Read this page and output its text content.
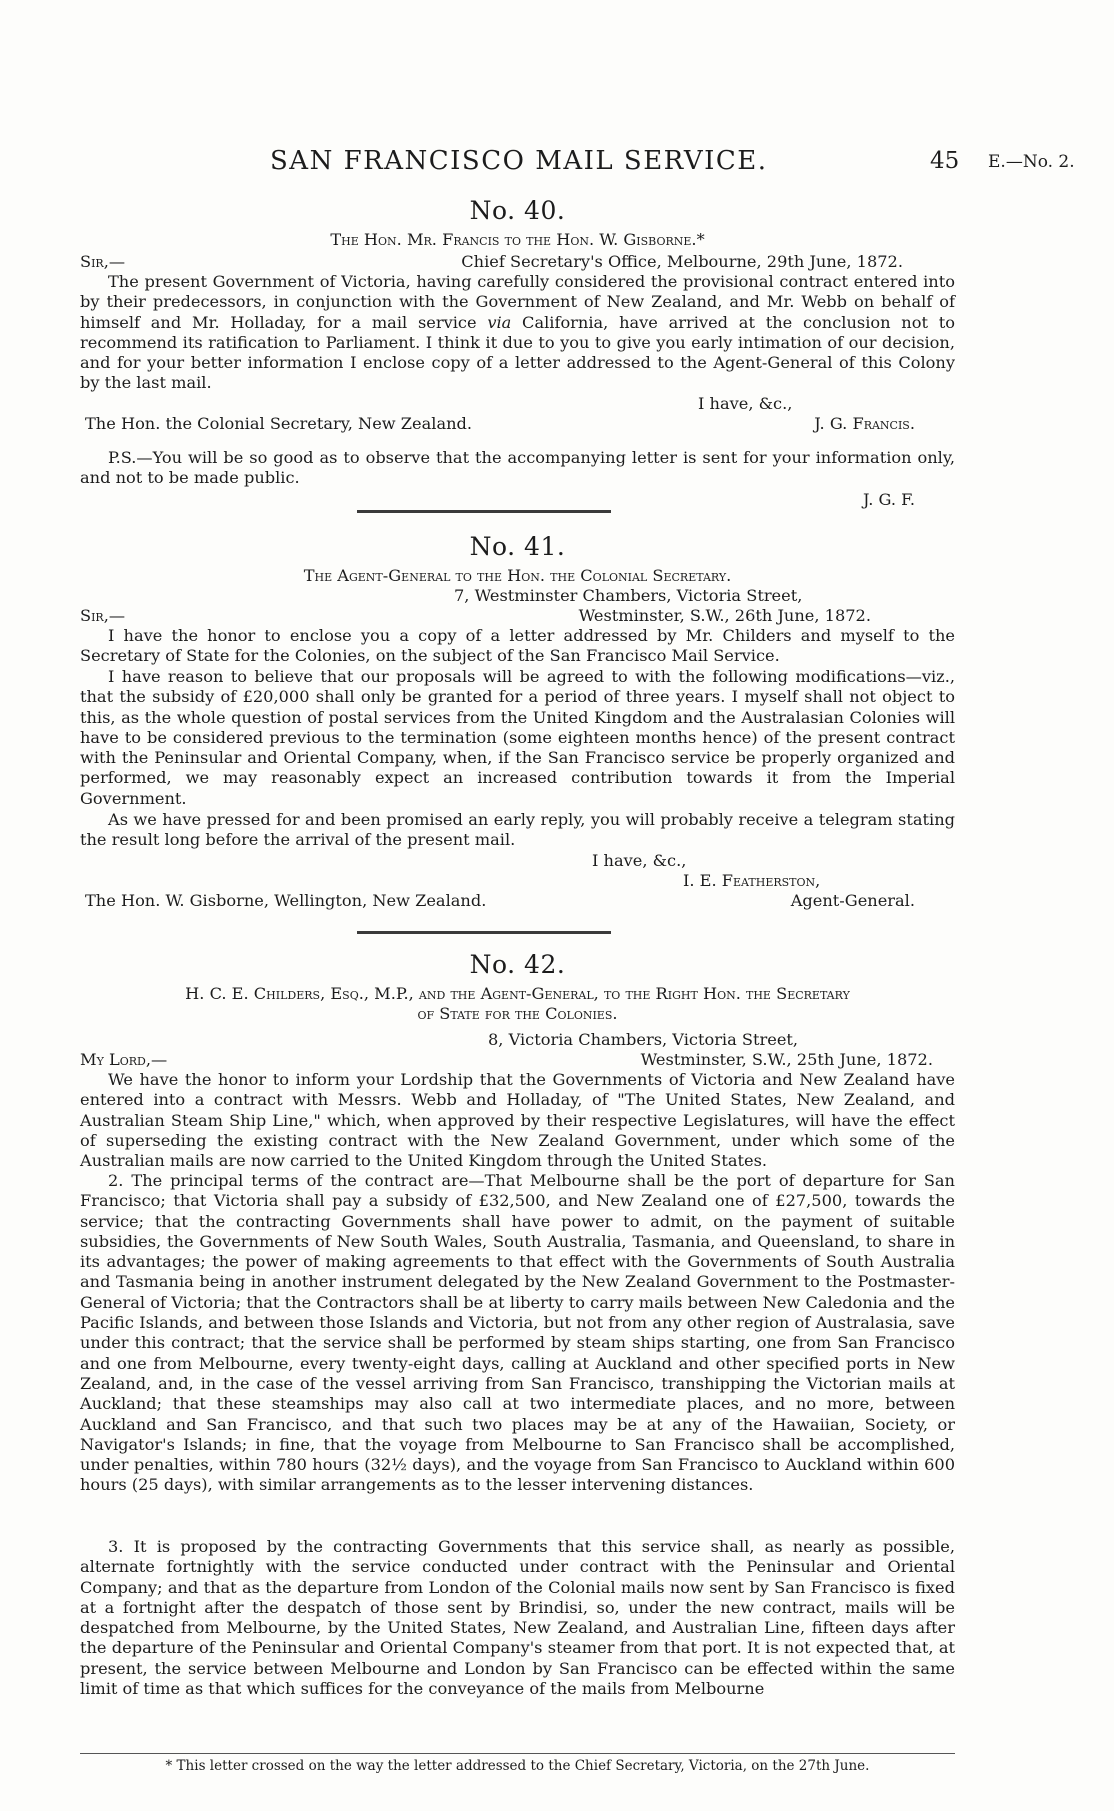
SAN FRANCISCO MAIL SERVICE.	45 E.—No. 2.
No. 40.
The Hon. Mr. Francis to the Hon. W. Gisborne.*
Sir,—	Chief Secretary's Office, Melbourne, 29th June, 1872.
The present Government of Victoria, having carefully considered the provisional contract entered into by their predecessors, in conjunction with the Government of New Zealand, and Mr. Webb on behalf of himself and Mr. Holladay, for a mail service via California, have arrived at the conclusion not to recommend its ratification to Parliament. I think it due to you to give you early intimation of our decision, and for your better information I enclose copy of a letter addressed to the Agent-General of this Colony by the last mail.
I have, &c.,
The Hon. the Colonial Secretary, New Zealand.	J. G. Francis.
P.S.—You will be so good as to observe that the accompanying letter is sent for your information only, and not to be made public.
J. G. F.
No. 41.
The Agent-General to the Hon. the Colonial Secretary.
7, Westminster Chambers, Victoria Street,
Sir,—	Westminster, S.W., 26th June, 1872.
I have the honor to enclose you a copy of a letter addressed by Mr. Childers and myself to the Secretary of State for the Colonies, on the subject of the San Francisco Mail Service.
I have reason to believe that our proposals will be agreed to with the following modifications—viz., that the subsidy of £20,000 shall only be granted for a period of three years. I myself shall not object to this, as the whole question of postal services from the United Kingdom and the Australasian Colonies will have to be considered previous to the termination (some eighteen months hence) of the present contract with the Peninsular and Oriental Company, when, if the San Francisco service be properly organized and performed, we may reasonably expect an increased contribution towards it from the Imperial Government.
As we have pressed for and been promised an early reply, you will probably receive a telegram stating the result long before the arrival of the present mail.
I have, &c.,
I. E. Featherston,
The Hon. W. Gisborne, Wellington, New Zealand.	Agent-General.
No. 42.
H. C. E. Childers, Esq., M.P., and the Agent-General, to the Right Hon. the Secretary
of State for the Colonies.
8, Victoria Chambers, Victoria Street,
My Lord,—	Westminster, S.W., 25th June, 1872.
We have the honor to inform your Lordship that the Governments of Victoria and New Zealand have entered into a contract with Messrs. Webb and Holladay, of "The United States, New Zealand, and Australian Steam Ship Line," which, when approved by their respective Legislatures, will have the effect of superseding the existing contract with the New Zealand Government, under which some of the Australian mails are now carried to the United Kingdom through the United States.
2. The principal terms of the contract are—That Melbourne shall be the port of departure for San Francisco; that Victoria shall pay a subsidy of £32,500, and New Zealand one of £27,500, towards the service; that the contracting Governments shall have power to admit, on the payment of suitable subsidies, the Governments of New South Wales, South Australia, Tasmania, and Queensland, to share in its advantages; the power of making agreements to that effect with the Governments of South Australia and Tasmania being in another instrument delegated by the New Zealand Government to the Postmaster-General of Victoria; that the Contractors shall be at liberty to carry mails between New Caledonia and the Pacific Islands, and between those Islands and Victoria, but not from any other region of Australasia, save under this contract; that the service shall be performed by steam ships starting, one from San Francisco and one from Melbourne, every twenty-eight days, calling at Auckland and other specified ports in New Zealand, and, in the case of the vessel arriving from San Francisco, transhipping the Victorian mails at Auckland; that these steamships may also call at two intermediate places, and no more, between Auckland and San Francisco, and that such two places may be at any of the Hawaiian, Society, or Navigator's Islands; in fine, that the voyage from Melbourne to San Francisco shall be accomplished, under penalties, within 780 hours (32½ days), and the voyage from San Francisco to Auckland within 600 hours (25 days), with similar arrangements as to the lesser intervening distances.
3. It is proposed by the contracting Governments that this service shall, as nearly as possible, alternate fortnightly with the service conducted under contract with the Peninsular and Oriental Company; and that as the departure from London of the Colonial mails now sent by San Francisco is fixed at a fortnight after the despatch of those sent by Brindisi, so, under the new contract, mails will be despatched from Melbourne, by the United States, New Zealand, and Australian Line, fifteen days after the departure of the Peninsular and Oriental Company's steamer from that port. It is not expected that, at present, the service between Melbourne and London by San Francisco can be effected within the same limit of time as that which suffices for the conveyance of the mails from Melbourne
* This letter crossed on the way the letter addressed to the Chief Secretary, Victoria, on the 27th June.
